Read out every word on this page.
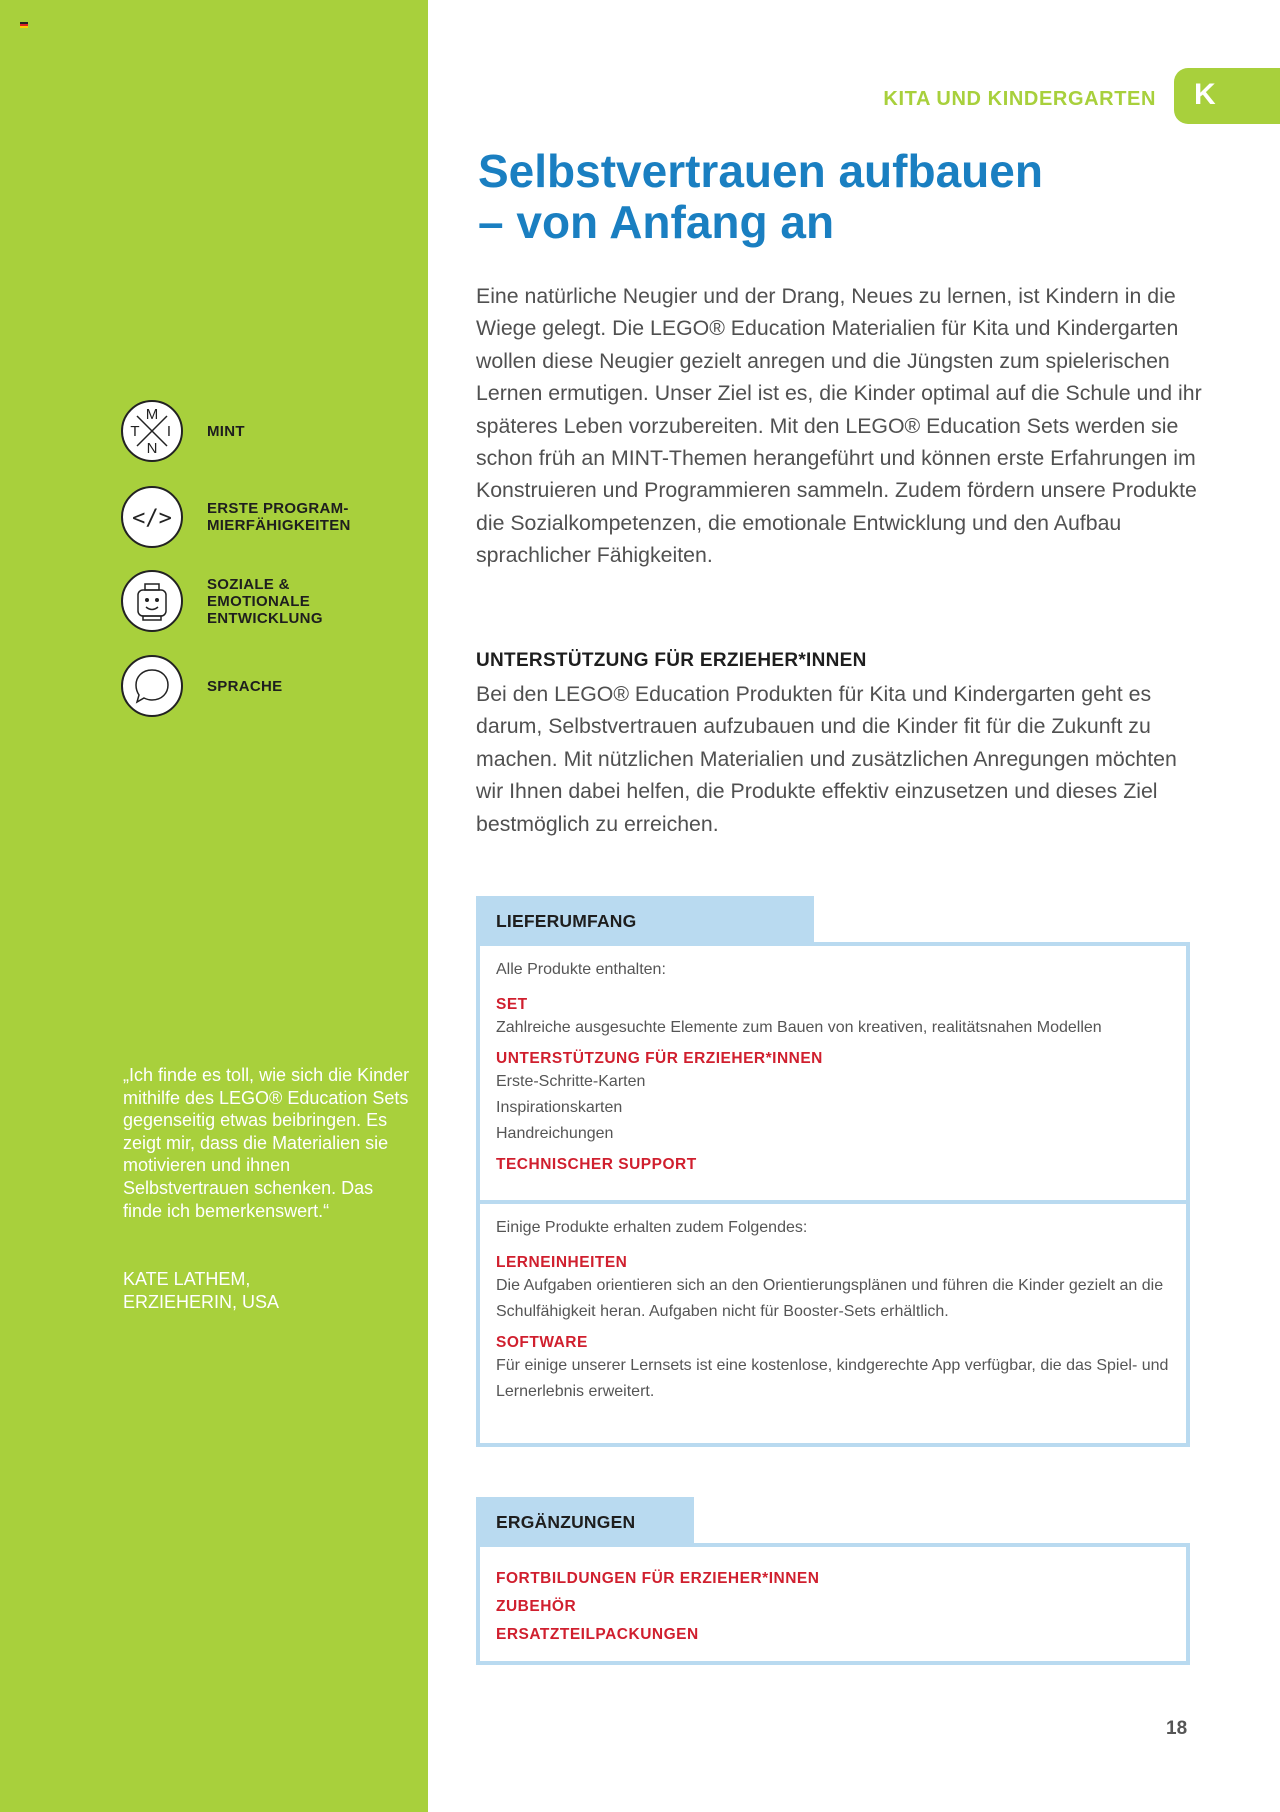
M
T I
N
MINT
</> ERSTE PROGRAM-
MIERFÄHIGKEITEN
SOZIALE &
EMOTIONALE
ENTWICKLUNG
SPRACHE
„Ich finde es toll, wie sich die Kinder mithilfe des LEGO® Education Sets gegenseitig etwas beibringen. Es zeigt mir, dass die Materialien sie motivieren und ihnen Selbstvertrauen schenken. Das finde ich bemerkenswert.“
KATE LATHEM,
ERZIEHERIN, USA
KITA UND KINDERGARTEN K
Selbstvertrauen aufbauen
– von Anfang an
Eine natürliche Neugier und der Drang, Neues zu lernen, ist Kindern in die Wiege gelegt. Die LEGO® Education Materialien für Kita und Kindergarten wollen diese Neugier gezielt anregen und die Jüngsten zum spielerischen Lernen ermutigen. Unser Ziel ist es, die Kinder optimal auf die Schule und ihr späteres Leben vorzubereiten. Mit den LEGO® Education Sets werden sie schon früh an MINT-Themen herangeführt und können erste Erfahrungen im Konstruieren und Programmieren sammeln. Zudem fördern unsere Produkte die Sozialkompetenzen, die emotionale Entwicklung und den Aufbau sprachlicher Fähigkeiten.
UNTERSTÜTZUNG FÜR ERZIEHER*INNEN
Bei den LEGO® Education Produkten für Kita und Kindergarten geht es darum, Selbstvertrauen aufzubauen und die Kinder fit für die Zukunft zu machen. Mit nützlichen Materialien und zusätzlichen Anregungen möchten wir Ihnen dabei helfen, die Produkte effektiv einzusetzen und dieses Ziel bestmöglich zu erreichen.
LIEFERUMFANG
Alle Produkte enthalten:
SET
Zahlreiche ausgesuchte Elemente zum Bauen von kreativen, realitätsnahen Modellen
UNTERSTÜTZUNG FÜR ERZIEHER*INNEN
Erste-Schritte-Karten
Inspirationskarten
Handreichungen
TECHNISCHER SUPPORT
Einige Produkte erhalten zudem Folgendes:
LERNEINHEITEN
Die Aufgaben orientieren sich an den Orientierungsplänen und führen die Kinder gezielt an die Schulfähigkeit heran. Aufgaben nicht für Booster-Sets erhältlich.
SOFTWARE
Für einige unserer Lernsets ist eine kostenlose, kindgerechte App verfügbar, die das Spiel- und Lernerlebnis erweitert.
ERGÄNZUNGEN
FORTBILDUNGEN FÜR ERZIEHER*INNEN
ZUBEHÖR
ERSATZTEILPACKUNGEN
18
